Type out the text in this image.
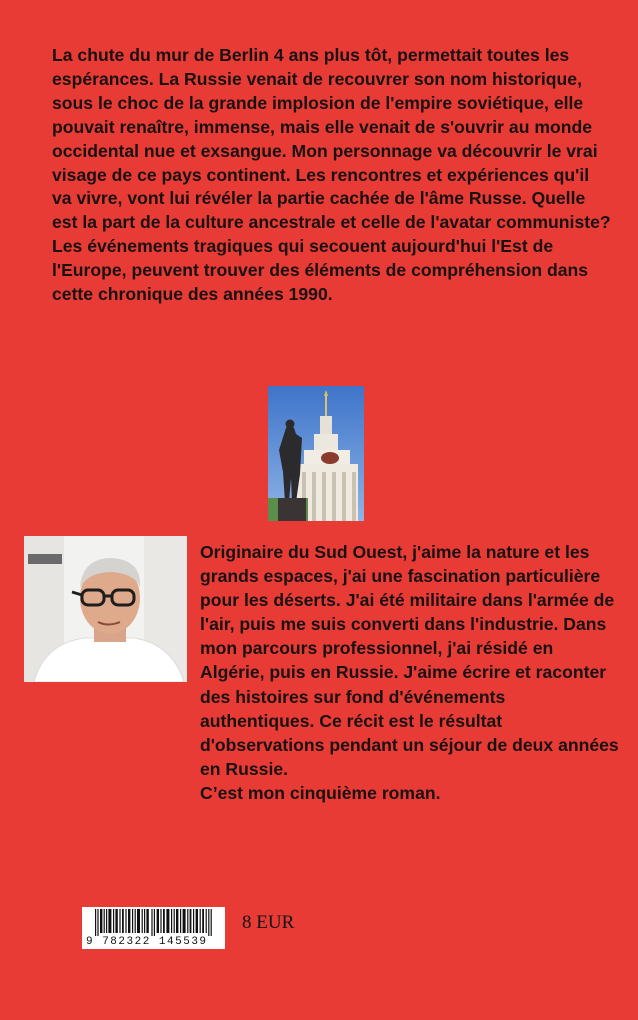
La chute du mur de Berlin 4 ans plus tôt, permettait toutes les espérances. La Russie venait de recouvrer son nom historique, sous le choc de la grande implosion de l'empire soviétique, elle pouvait renaître, immense, mais elle venait de s'ouvrir au monde occidental nue et exsangue. Mon personnage va découvrir le vrai visage de ce pays continent. Les rencontres et expériences qu'il va vivre, vont lui révéler la partie cachée de l'âme Russe. Quelle est la part de la culture ancestrale et celle de l'avatar communiste? Les événements tragiques qui secouent aujourd'hui l'Est de l'Europe, peuvent trouver des éléments de compréhension dans cette chronique des années 1990.

Originaire du Sud Ouest, j'aime la nature et les grands espaces, j'ai une fascination particulière pour les déserts. J'ai été militaire dans l'armée de l'air, puis me suis converti dans l'industrie. Dans mon parcours professionnel, j'ai résidé en Algérie, puis en Russie. J'aime écrire et raconter des histoires sur fond d'événements authentiques. Ce récit est le résultat d'observations pendant un séjour de deux années en Russie.

C’est mon cinquième roman.

9 782322 145539
8 EUR
